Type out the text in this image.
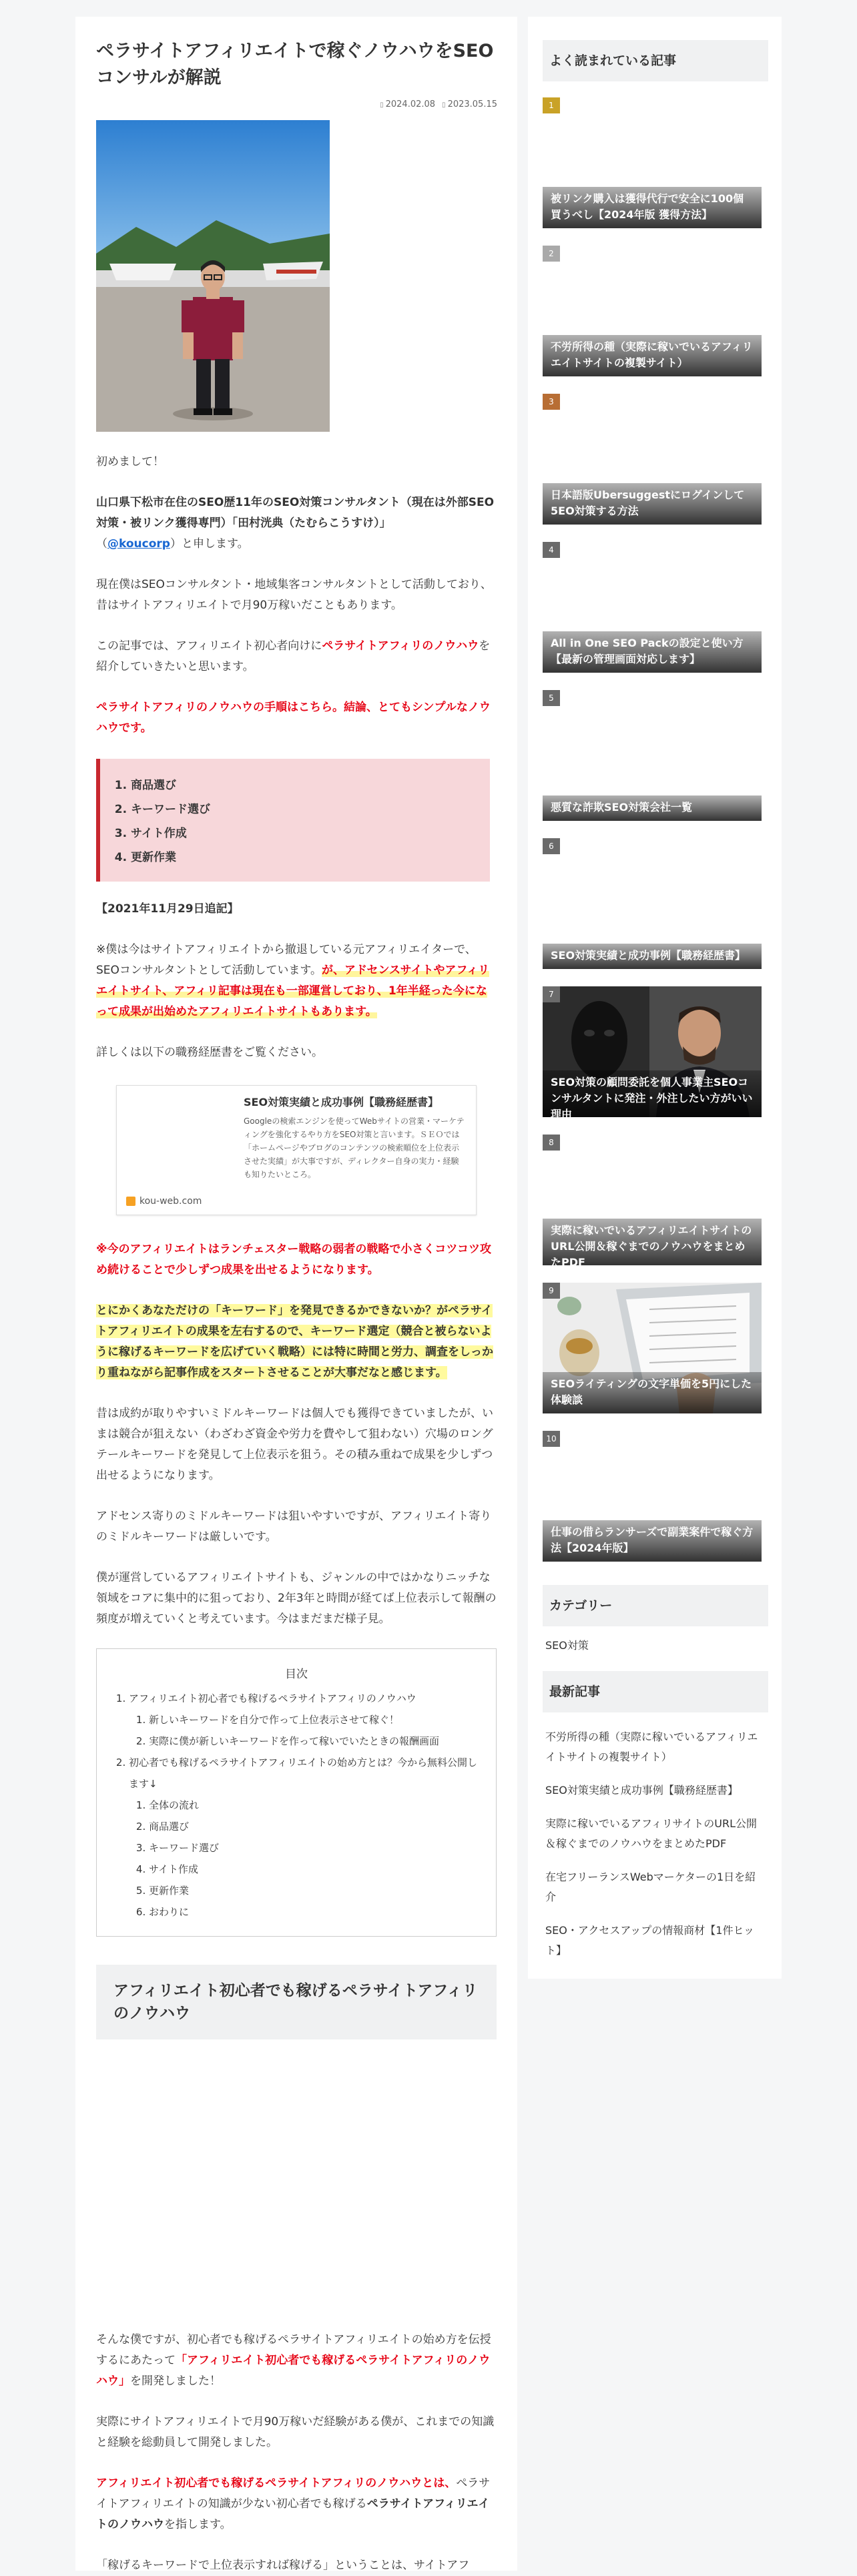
ペラサイトアフィリエイトで稼ぐノウハウをSEOコンサルが解説
▯ 2024.02.08
▯	2023.05.15

初めまして！

山口県下松市在住のSEO歴11年のSEO対策コンサルタント（現在は外部SEO対策・被リンク獲得専門）「田村洸典（たむらこうすけ）」
（@koucorp）と申します。

現在僕はSEOコンサルタント・地域集客コンサルタントとして活動しており、昔はサイトアフィリエイトで月90万稼いだこともあります。

この記事では、アフィリエイト初心者向けにペラサイトアフィリのノウハウを紹介していきたいと思います。

ペラサイトアフィリのノウハウの手順はこちら。結論、とてもシンプルなノウハウです。

1. 商品選び
2. キーワード選び
3. サイト作成
4. 更新作業

【2021年11月29日追記】

※僕は今はサイトアフィリエイトから撤退している元アフィリエイターで、SEOコンサルタントとして活動しています。が、アドセンスサイトやアフィリエイトサイト、アフィリ記事は現在も一部運営しており、1年半経った今になって成果が出始めたアフィリエイトサイトもあります。

詳しくは以下の職務経歴書をご覧ください。

SEO対策実績と成功事例【職務経歴書】
Googleの検索エンジンを使ってWebサイトの営業・マーケティングを強化するやり方をSEO対策と言います。ＳＥＯでは「ホームページやブログのコンテンツの検索順位を上位表示させた実績」が大事ですが、ディレクター自身の実力・経験も知りたいところ。
kou-web.com

※今のアフィリエイトはランチェスター戦略の弱者の戦略で小さくコツコツ攻め続けることで少しずつ成果を出せるようになります。

とにかくあなただけの「キーワード」を発見できるかできないか？がペラサイトアフィリエイトの成果を左右するので、キーワード選定（競合と被らないように稼げるキーワードを広げていく戦略）には特に時間と労力、調査をしっかり重ねながら記事作成をスタートさせることが大事だなと感じます。

昔は成約が取りやすいミドルキーワードは個人でも獲得できていましたが、いまは競合が狙えない（わざわざ資金や労力を費やして狙わない）穴場のロングテールキーワードを発見して上位表示を狙う。その積み重ねで成果を少しずつ出せるようになります。

アドセンス寄りのミドルキーワードは狙いやすいですが、アフィリエイト寄りのミドルキーワードは厳しいです。

僕が運営しているアフィリエイトサイトも、ジャンルの中ではかなりニッチな領域をコアに集中的に狙っており、2年3年と時間が経てば上位表示して報酬の頻度が増えていくと考えています。今はまだまだ様子見。

目次
1. アフィリエイト初心者でも稼げるペラサイトアフィリのノウハウ
1. 新しいキーワードを自分で作って上位表示させて稼ぐ！
2. 実際に僕が新しいキーワードを作って稼いでいたときの報酬画面
2. 初心者でも稼げるペラサイトアフィリエイトの始め方とは？今から無料公開します↓
1. 全体の流れ
2. 商品選び
3. キーワード選び
4. サイト作成
5. 更新作業
6. おわりに
アフィリエイト初心者でも稼げるペラサイトアフィリのノウハウ

そんな僕ですが、初心者でも稼げるペラサイトアフィリエイトの始め方を伝授するにあたって「アフィリエイト初心者でも稼げるペラサイトアフィリのノウハウ」を開発しました！

実際にサイトアフィリエイトで月90万稼いだ経験がある僕が、これまでの知識と経験を総動員して開発しました。

アフィリエイト初心者でも稼げるペラサイトアフィリのノウハウとは、ペラサイトアフィリエイトの知識が少ない初心者でも稼げるペラサイトアフィリエイトのノウハウを指します。

「稼げるキーワードで上位表示すれば稼げる」ということは、サイトアフ

よく読まれている記事
1
被リンク購入は獲得代行で安全に100個買うべし【2024年版 獲得方法】
2
不労所得の種（実際に稼いでいるアフィリエイトサイトの複製サイト）
3
日本語版Ubersuggestにログインして5EO対策する方法
4
All in One SEO Packの設定と使い方【最新の管理画面対応します】
5
悪質な詐欺SEO対策会社一覧
6
SEO対策実績と成功事例【職務経歴書】
7
SEO対策の顧問委託を個人事業主SEOコンサルタントに発注・外注したい方がいい理由
8
実際に稼いでいるアフィリエイトサイトのURL公開＆稼ぐまでのノウハウをまとめたPDF
9
SEOライティングの文字単価を5円にした体験談
10
仕事の借らランサーズで副業案件で稼ぐ方法【2024年版】
カテゴリー
SEO対策
最新記事
不労所得の種（実際に稼いでいるアフィリエイトサイトの複製サイト）
SEO対策実績と成功事例【職務経歴書】
実際に稼いでいるアフィリサイトのURL公開＆稼ぐまでのノウハウをまとめたPDF
在宅フリーランスWebマーケターの1日を紹介
SEO・アクセスアップの情報商材【1件ヒット】
